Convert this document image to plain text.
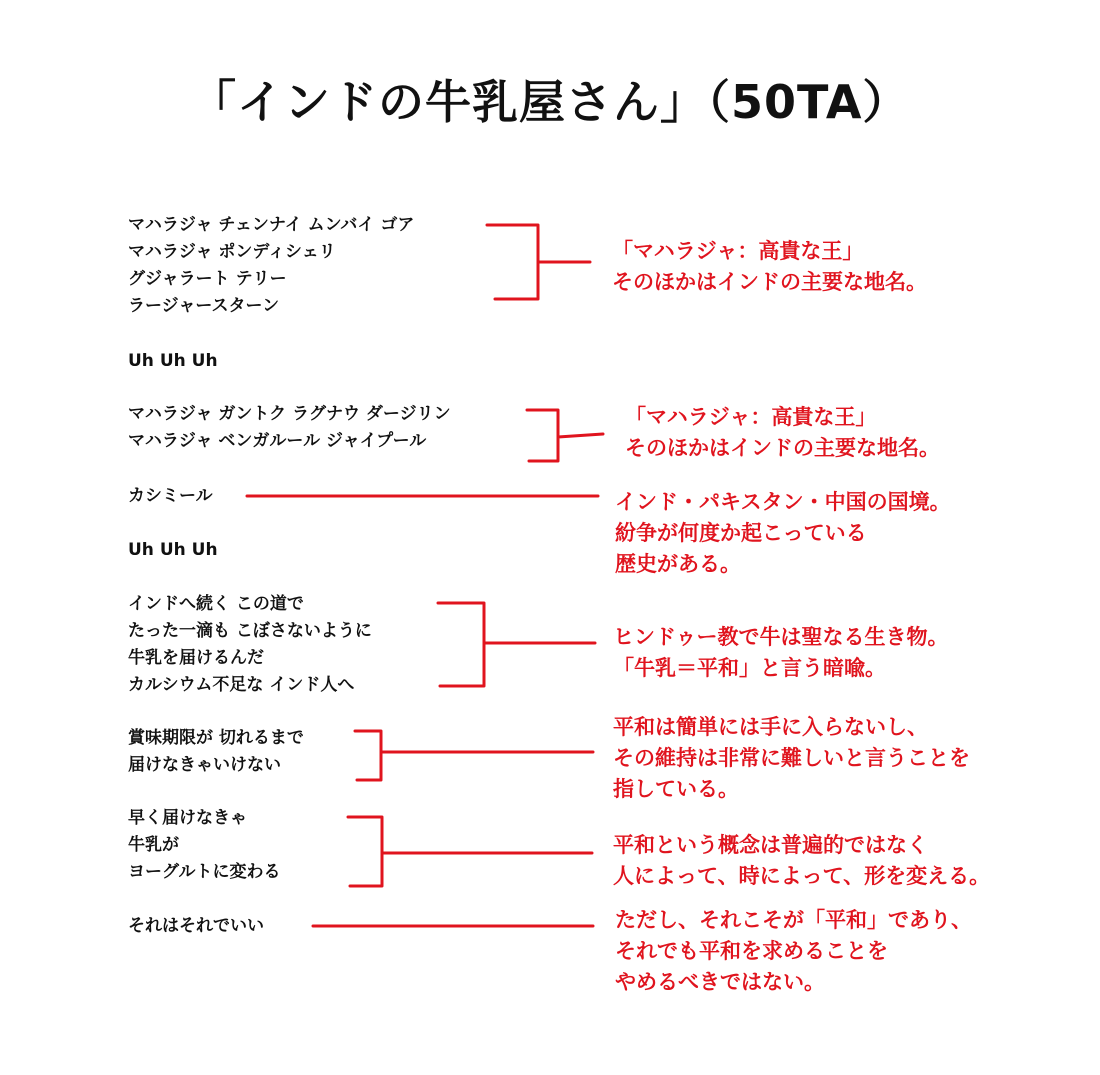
「インドの牛乳屋さん」（50TA）
マハラジャ チェンナイ ムンバイ ゴア
マハラジャ ポンディシェリ
グジャラート テリー
ラージャースターン
「マハラジャ：高貴な王」
そのほかはインドの主要な地名。
Uh Uh Uh
マハラジャ ガントク ラグナウ ダージリン
マハラジャ ベンガルール ジャイプール
「マハラジャ：高貴な王」
そのほかはインドの主要な地名。
カシミール	インド・パキスタン・中国の国境。
紛争が何度か起こっている
歴史がある。
Uh Uh Uh
インドへ続く この道で
たった一滴も こぼさないように
牛乳を届けるんだ
カルシウム不足な インド人へ
ヒンドゥー教で牛は聖なる生き物。
「牛乳＝平和」と言う暗喩。
賞味期限が 切れるまで
届けなきゃいけない
平和は簡単には手に入らないし、
その維持は非常に難しいと言うことを
指している。
早く届けなきゃ
牛乳が
ヨーグルトに変わる
平和という概念は普遍的ではなく
人によって、時によって、形を変える。
それはそれでいい	ただし、それこそが「平和」であり、
それでも平和を求めることを
やめるべきではない。
